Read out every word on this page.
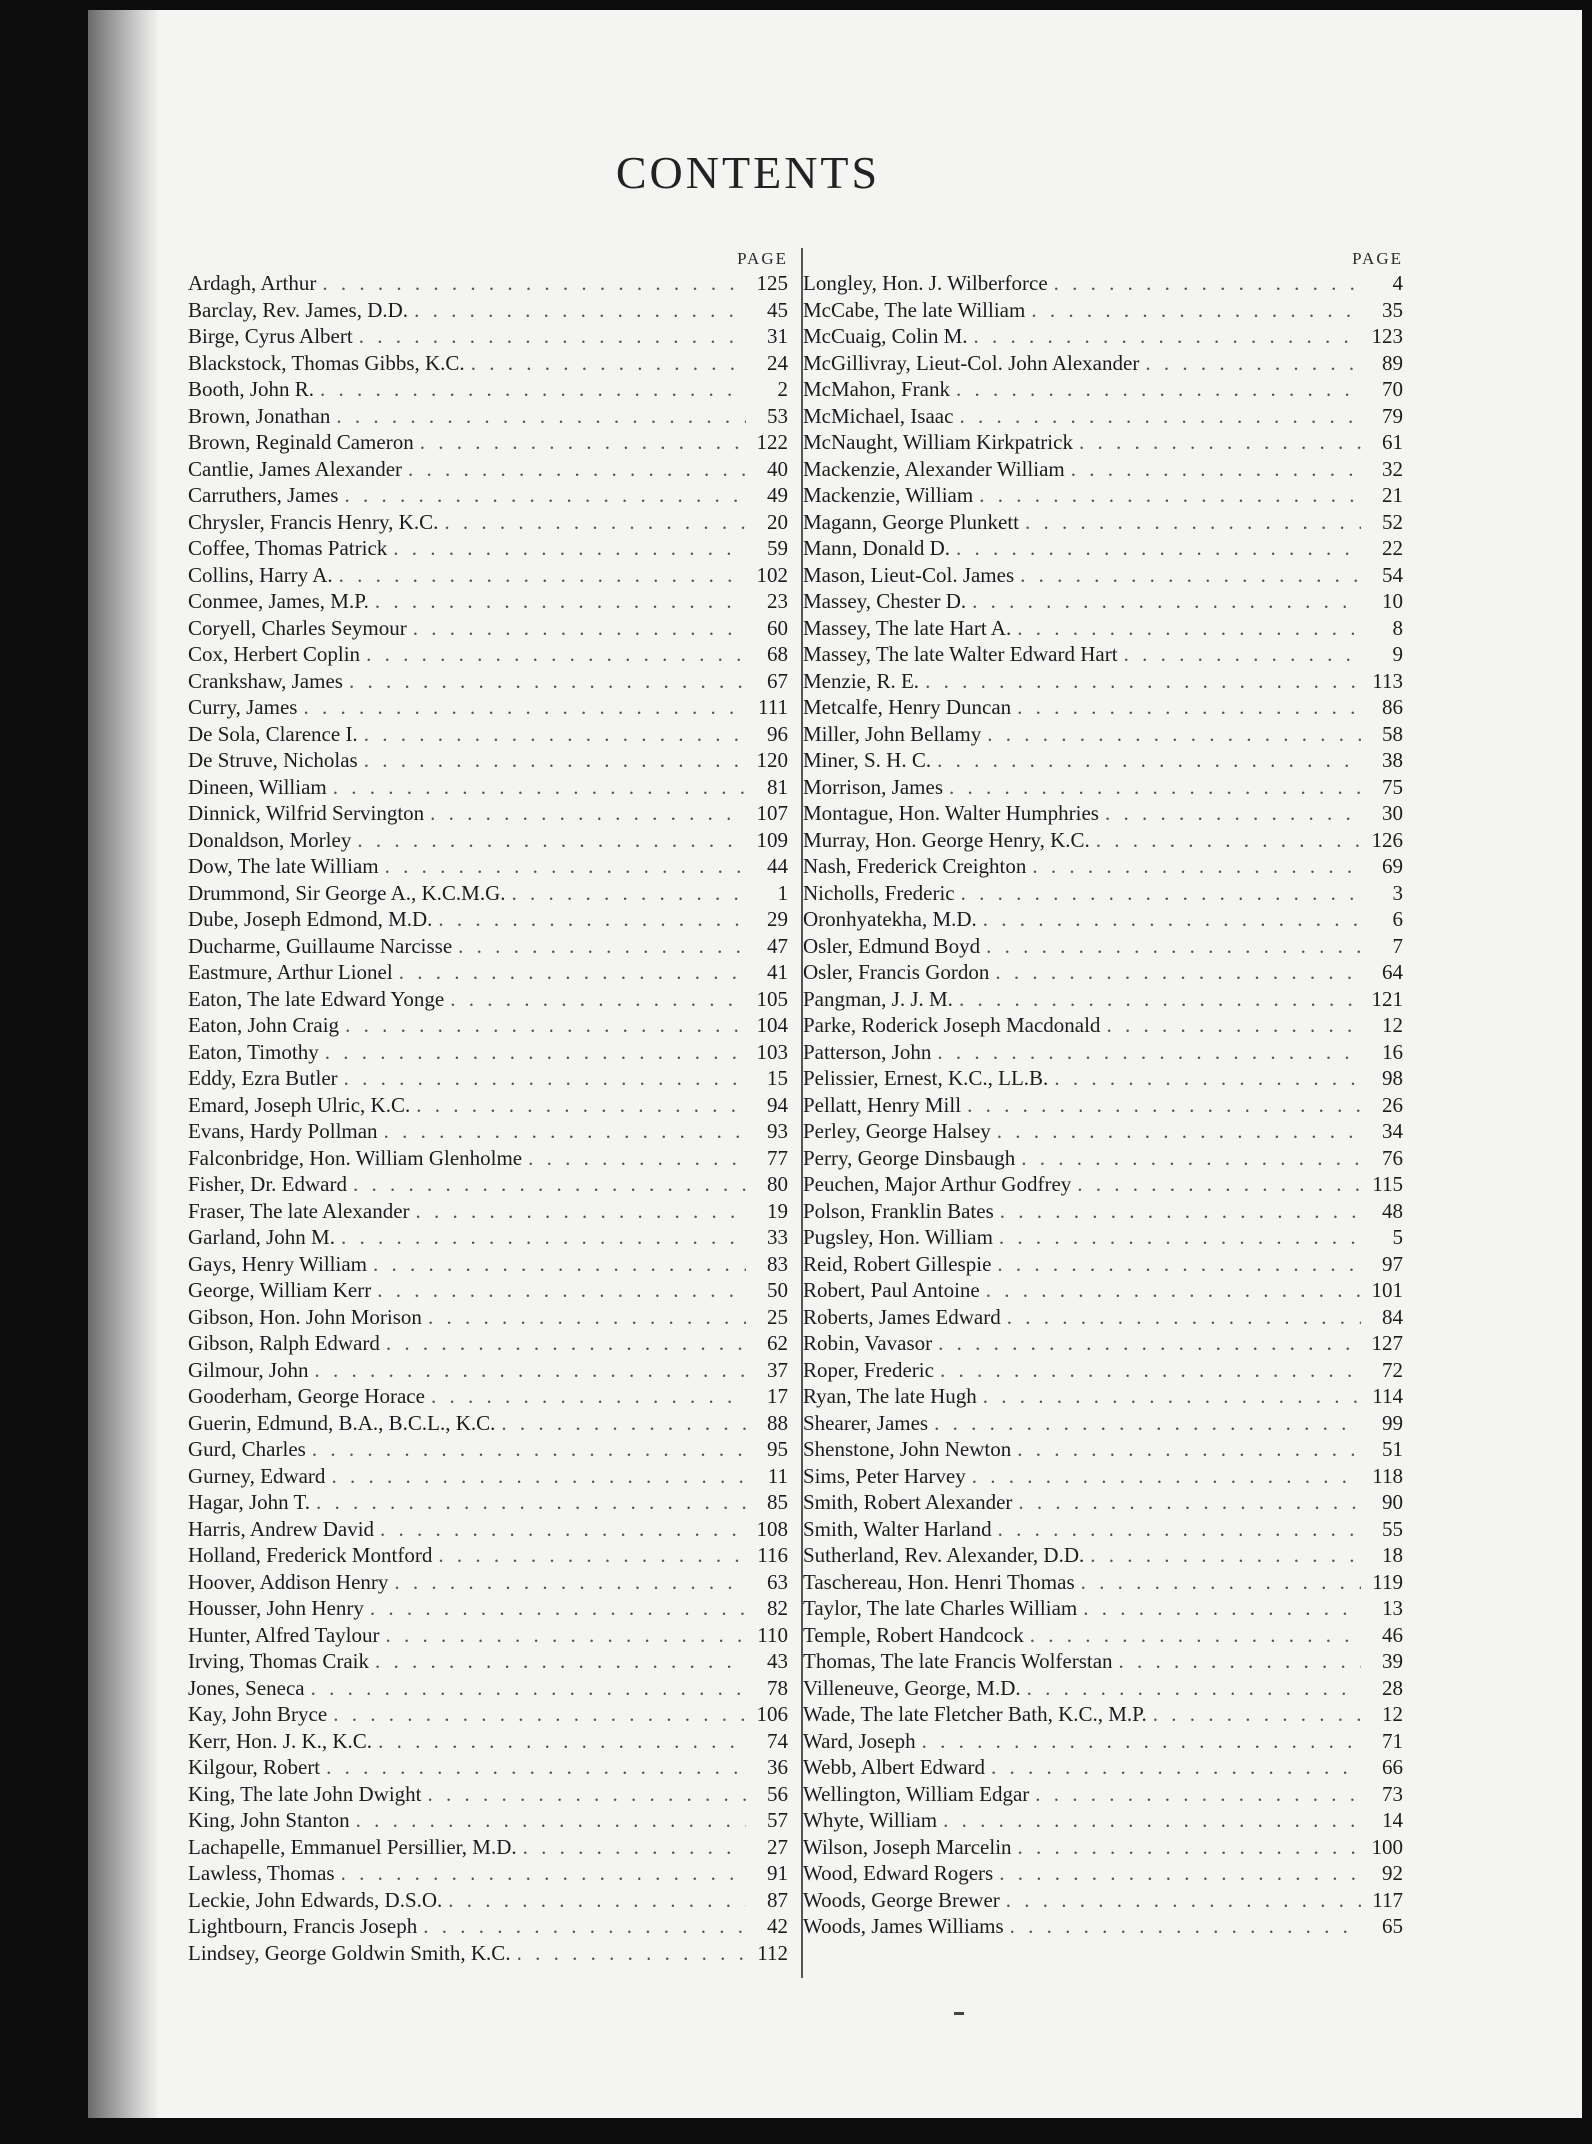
CONTENTS
PAGE
Ardagh, Arthur . . .	125
Barclay, Rev. James, D.D. . . .	45
Birge, Cyrus Albert . . .	31
Blackstock, Thomas Gibbs, K.C. . . .	24
Booth, John R. . . .	2
Brown, Jonathan . . .	53
Brown, Reginald Cameron . . .	122
Cantlie, James Alexander . . .	40
Carruthers, James . . .	49
Chrysler, Francis Henry, K.C. . . .	20
Coffee, Thomas Patrick . . .	59
Collins, Harry A. . . .	102
Conmee, James, M.P. . . .	23
Coryell, Charles Seymour . . .	60
Cox, Herbert Coplin . . .	68
Crankshaw, James . . .	67
Curry, James . . .	111
De Sola, Clarence I. . . .	96
De Struve, Nicholas . . .	120
Dineen, William . . .	81
Dinnick, Wilfrid Servington . . .	107
Donaldson, Morley . . .	109
Dow, The late William . . .	44
Drummond, Sir George A., K.C.M.G. . . .	1
Dube, Joseph Edmond, M.D. . . .	29
Ducharme, Guillaume Narcisse . . .	47
Eastmure, Arthur Lionel . . .	41
Eaton, The late Edward Yonge . . .	105
Eaton, John Craig . . .	104
Eaton, Timothy . . .	103
Eddy, Ezra Butler . . .	15
Emard, Joseph Ulric, K.C. . . .	94
Evans, Hardy Pollman . . .	93
Falconbridge, Hon. William Glenholme . . .	77
Fisher, Dr. Edward . . .	80
Fraser, The late Alexander . . .	19
Garland, John M. . . .	33
Gays, Henry William . . .	83
George, William Kerr . . .	50
Gibson, Hon. John Morison . . .	25
Gibson, Ralph Edward . . .	62
Gilmour, John . . .	37
Gooderham, George Horace . . .	17
Guerin, Edmund, B.A., B.C.L., K.C. . . .	88
Gurd, Charles . . .	95
Gurney, Edward . . .	11
Hagar, John T. . . .	85
Harris, Andrew David . . .	108
Holland, Frederick Montford . . .	116
Hoover, Addison Henry . . .	63
Housser, John Henry . . .	82
Hunter, Alfred Taylour . . .	110
Irving, Thomas Craik . . .	43
Jones, Seneca . . .	78
Kay, John Bryce . . .	106
Kerr, Hon. J. K., K.C. . . .	74
Kilgour, Robert . . .	36
King, The late John Dwight . . .	56
King, John Stanton . . .	57
Lachapelle, Emmanuel Persillier, M.D. . . .	27
Lawless, Thomas . . .	91
Leckie, John Edwards, D.S.O. . . .	87
Lightbourn, Francis Joseph . . .	42
Lindsey, George Goldwin Smith, K.C. . . .	112
PAGE
Longley, Hon. J. Wilberforce . . .	4
McCabe, The late William . . .	35
McCuaig, Colin M. . . .	123
McGillivray, Lieut-Col. John Alexander . . .	89
McMahon, Frank . . .	70
McMichael, Isaac . . .	79
McNaught, William Kirkpatrick . . .	61
Mackenzie, Alexander William . . .	32
Mackenzie, William . . .	21
Magann, George Plunkett . . .	52
Mann, Donald D. . . .	22
Mason, Lieut-Col. James . . .	54
Massey, Chester D. . . .	10
Massey, The late Hart A. . . .	8
Massey, The late Walter Edward Hart . . .	9
Menzie, R. E. . . .	113
Metcalfe, Henry Duncan . . .	86
Miller, John Bellamy . . .	58
Miner, S. H. C. . . .	38
Morrison, James . . .	75
Montague, Hon. Walter Humphries . . .	30
Murray, Hon. George Henry, K.C. . . .	126
Nash, Frederick Creighton . . .	69
Nicholls, Frederic . . .	3
Oronhyatekha, M.D. . . .	6
Osler, Edmund Boyd . . .	7
Osler, Francis Gordon . . .	64
Pangman, J. J. M. . . .	121
Parke, Roderick Joseph Macdonald . . .	12
Patterson, John . . .	16
Pelissier, Ernest, K.C., LL.B. . . .	98
Pellatt, Henry Mill . . .	26
Perley, George Halsey . . .	34
Perry, George Dinsbaugh . . .	76
Peuchen, Major Arthur Godfrey . . .	115
Polson, Franklin Bates . . .	48
Pugsley, Hon. William . . .	5
Reid, Robert Gillespie . . .	97
Robert, Paul Antoine . . .	101
Roberts, James Edward . . .	84
Robin, Vavasor . . .	127
Roper, Frederic . . .	72
Ryan, The late Hugh . . .	114
Shearer, James . . .	99
Shenstone, John Newton . . .	51
Sims, Peter Harvey . . .	118
Smith, Robert Alexander . . .	90
Smith, Walter Harland . . .	55
Sutherland, Rev. Alexander, D.D. . . .	18
Taschereau, Hon. Henri Thomas . . .	119
Taylor, The late Charles William . . .	13
Temple, Robert Handcock . . .	46
Thomas, The late Francis Wolferstan . . .	39
Villeneuve, George, M.D. . . .	28
Wade, The late Fletcher Bath, K.C., M.P. . . .	12
Ward, Joseph . . .	71
Webb, Albert Edward . . .	66
Wellington, William Edgar . . .	73
Whyte, William . . .	14
Wilson, Joseph Marcelin . . .	100
Wood, Edward Rogers . . .	92
Woods, George Brewer . . .	117
Woods, James Williams . . .	65
